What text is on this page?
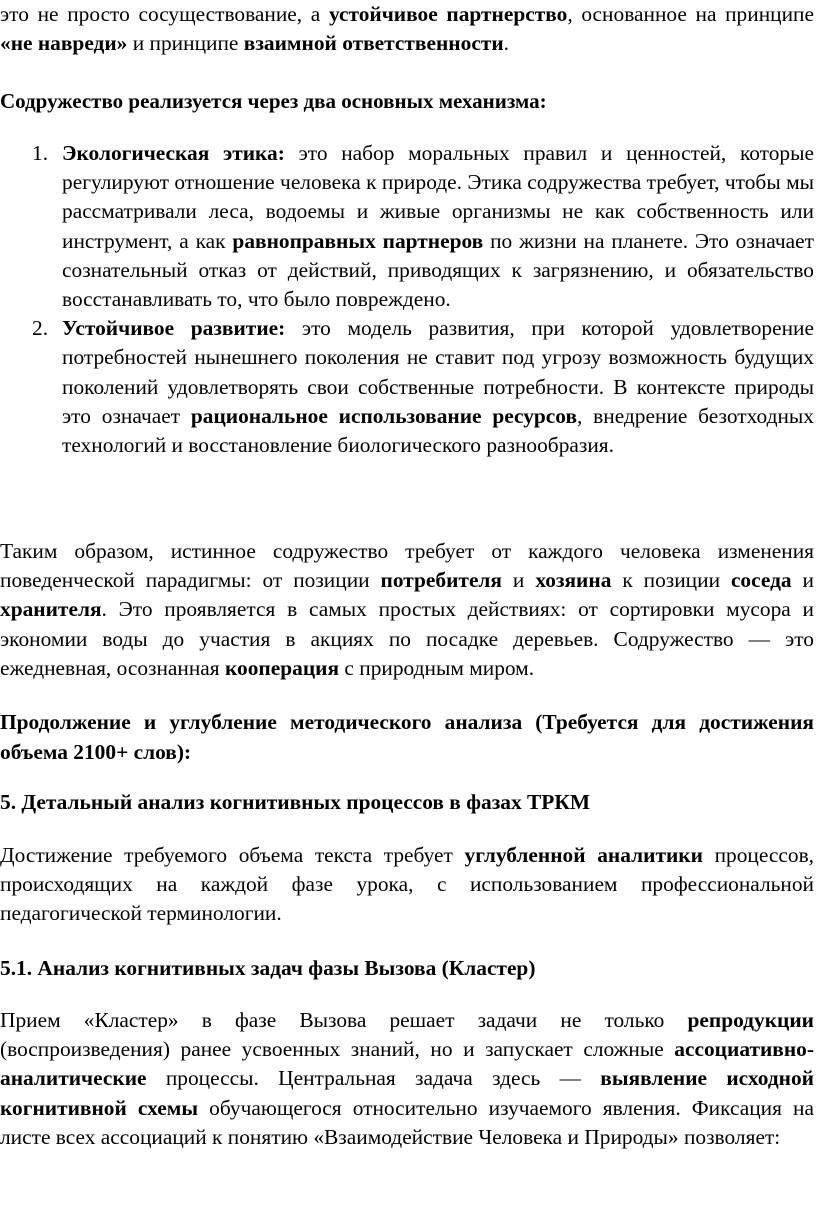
это не просто сосуществование, а устойчивое партнерство, основанное на принципе «не навреди» и принципе взаимной ответственности.

Содружество реализуется через два основных механизма:

1. Экологическая этика: это набор моральных правил и ценностей, которые регулируют отношение человека к природе. Этика содружества требует, чтобы мы рассматривали леса, водоемы и живые организмы не как собственность или инструмент, а как равноправных партнеров по жизни на планете. Это означает сознательный отказ от действий, приводящих к загрязнению, и обязательство восстанавливать то, что было повреждено.
2. Устойчивое развитие: это модель развития, при которой удовлетворение потребностей нынешнего поколения не ставит под угрозу возможность будущих поколений удовлетворять свои собственные потребности. В контексте природы это означает рациональное использование ресурсов, внедрение безотходных технологий и восстановление биологического разнообразия.

Таким образом, истинное содружество требует от каждого человека изменения поведенческой парадигмы: от позиции потребителя и хозяина к позиции соседа и хранителя. Это проявляется в самых простых действиях: от сортировки мусора и экономии воды до участия в акциях по посадке деревьев. Содружество — это ежедневная, осознанная кооперация с природным миром.

Продолжение и углубление методического анализа (Требуется для достижения объема 2100+ слов):

5. Детальный анализ когнитивных процессов в фазах ТРКМ

Достижение требуемого объема текста требует углубленной аналитики процессов, происходящих на каждой фазе урока, с использованием профессиональной педагогической терминологии.

5.1. Анализ когнитивных задач фазы Вызова (Кластер)

Прием «Кластер» в фазе Вызова решает задачи не только репродукции (воспроизведения) ранее усвоенных знаний, но и запускает сложные ассоциативно-аналитические процессы. Центральная задача здесь — выявление исходной когнитивной схемы обучающегося относительно изучаемого явления. Фиксация на листе всех ассоциаций к понятию «Взаимодействие Человека и Природы» позволяет:
